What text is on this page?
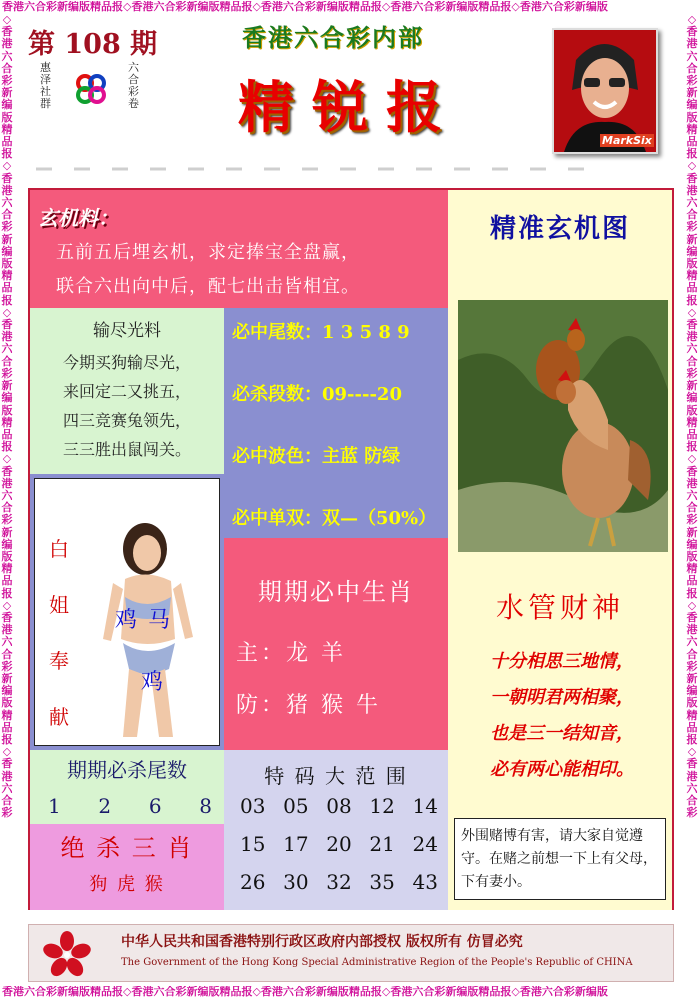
香港六合彩新编版精品报◇香港六合彩新编版精品报◇香港六合彩新编版精品报◇香港六合彩新编版精品报◇香港六合彩新编版
香港六合彩新编版精品报◇香港六合彩新编版精品报◇香港六合彩新编版精品报◇香港六合彩新编版精品报◇香港六合彩新编版
◇香港六合彩新编版精品报◇香港六合彩新编版精品报◇香港六合彩新编版精品报◇香港六合彩新编版精品报◇香港六合彩新编版精品报◇香港六合彩
◇香港六合彩新编版精品报◇香港六合彩新编版精品报◇香港六合彩新编版精品报◇香港六合彩新编版精品报◇香港六合彩新编版精品报◇香港六合彩
第 108 期
惠泽社群
六合彩卷
香港六合彩内部
精锐报	MarkSix
玄机料：
五前五后埋玄机，求定捧宝全盘赢，
联合六出向中后，配七出击皆相宜。
输尽光料
今期买狗输尽光，
来回定二又挑五，
四三竞赛兔领先，
三三胜出鼠闯关。
必中尾数：1 3 5 8 9
必杀段数：09----20
必中波色：主蓝 防绿
必中单双：双—（50%）
白
姐
奉
献
鸡 马
鸡
期期必中生肖
主：龙 羊
防：猪 猴 牛
期期必杀尾数
1 2 6 8
绝 杀 三 肖
狗 虎 猴
特 码 大 范 围
03 05 08 12 14
15 17 20 21 24
26 30 32 35 43
精准玄机图
水管财神
十分相思三地情，
一朝明君两相聚，
也是三一结知音，
必有两心能相印。
外围赌博有害，请大家自觉遵守。在赌之前想一下上有父母，下有妻小。
中华人民共和国香港特别行政区政府内部授权 版权所有 仿冒必究
The Government of the Hong Kong Special Administrative Region of the People's Republic of CHINA
